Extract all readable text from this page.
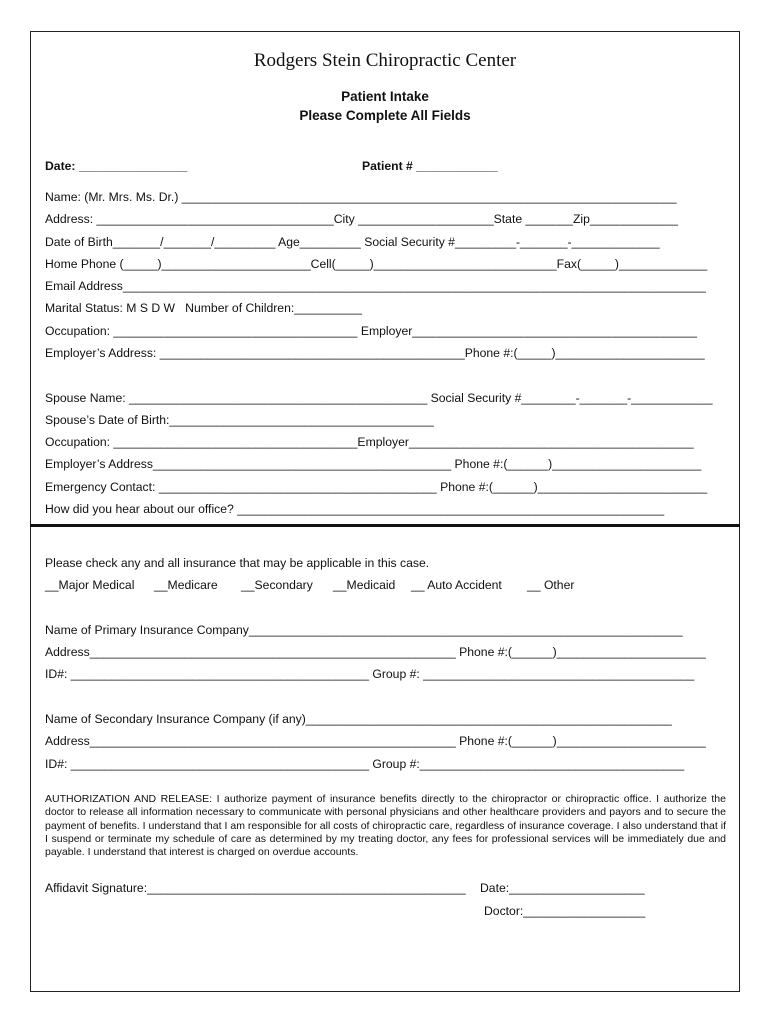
Rodgers Stein Chiropractic Center
Patient Intake
Please Complete All Fields
Date: ________________	Patient # ____________
Name: (Mr. Mrs. Ms. Dr.) _________________________________________________________________________
Address: ___________________________________City ____________________State _______Zip_____________
Date of Birth_______/_______/_________ Age_________ Social Security #_________-_______-_____________
Home Phone (_____)______________________Cell(_____)___________________________Fax(_____)_____________
Email Address______________________________________________________________________________________
Marital Status: M S D W   Number of Children:__________
Occupation: ____________________________________ Employer__________________________________________
Employer’s Address: _____________________________________________Phone #:(_____)______________________
Spouse Name: ____________________________________________ Social Security #________-_______-____________
Spouse’s Date of Birth:_______________________________________
Occupation: ____________________________________Employer__________________________________________
Employer’s Address____________________________________________ Phone #:(______)______________________
Emergency Contact: _________________________________________ Phone #:(______)_________________________
How did you hear about our office? _______________________________________________________________
Please check any and all insurance that may be applicable in this case.
__Major Medical __Medicare __Secondary __Medicaid __ Auto Accident __ Other
Name of Primary Insurance Company________________________________________________________________
Address______________________________________________________ Phone #:(______)______________________
ID#: ____________________________________________ Group #: ________________________________________
Name of Secondary Insurance Company (if any)______________________________________________________
Address______________________________________________________ Phone #:(______)______________________
ID#: ____________________________________________ Group #:_______________________________________
AUTHORIZATION AND RELEASE: I authorize payment of insurance benefits directly to the chiropractor or chiropractic office. I authorize the doctor to release all information necessary to communicate with personal physicians and other healthcare providers and payors and to secure the payment of benefits. I understand that I am responsible for all costs of chiropractic care, regardless of insurance coverage. I also understand that if I suspend or terminate my schedule of care as determined by my treating doctor, any fees for professional services will be immediately due and payable. I understand that interest is charged on overdue accounts.
Affidavit Signature:_______________________________________________ Date:____________________
Doctor:__________________
